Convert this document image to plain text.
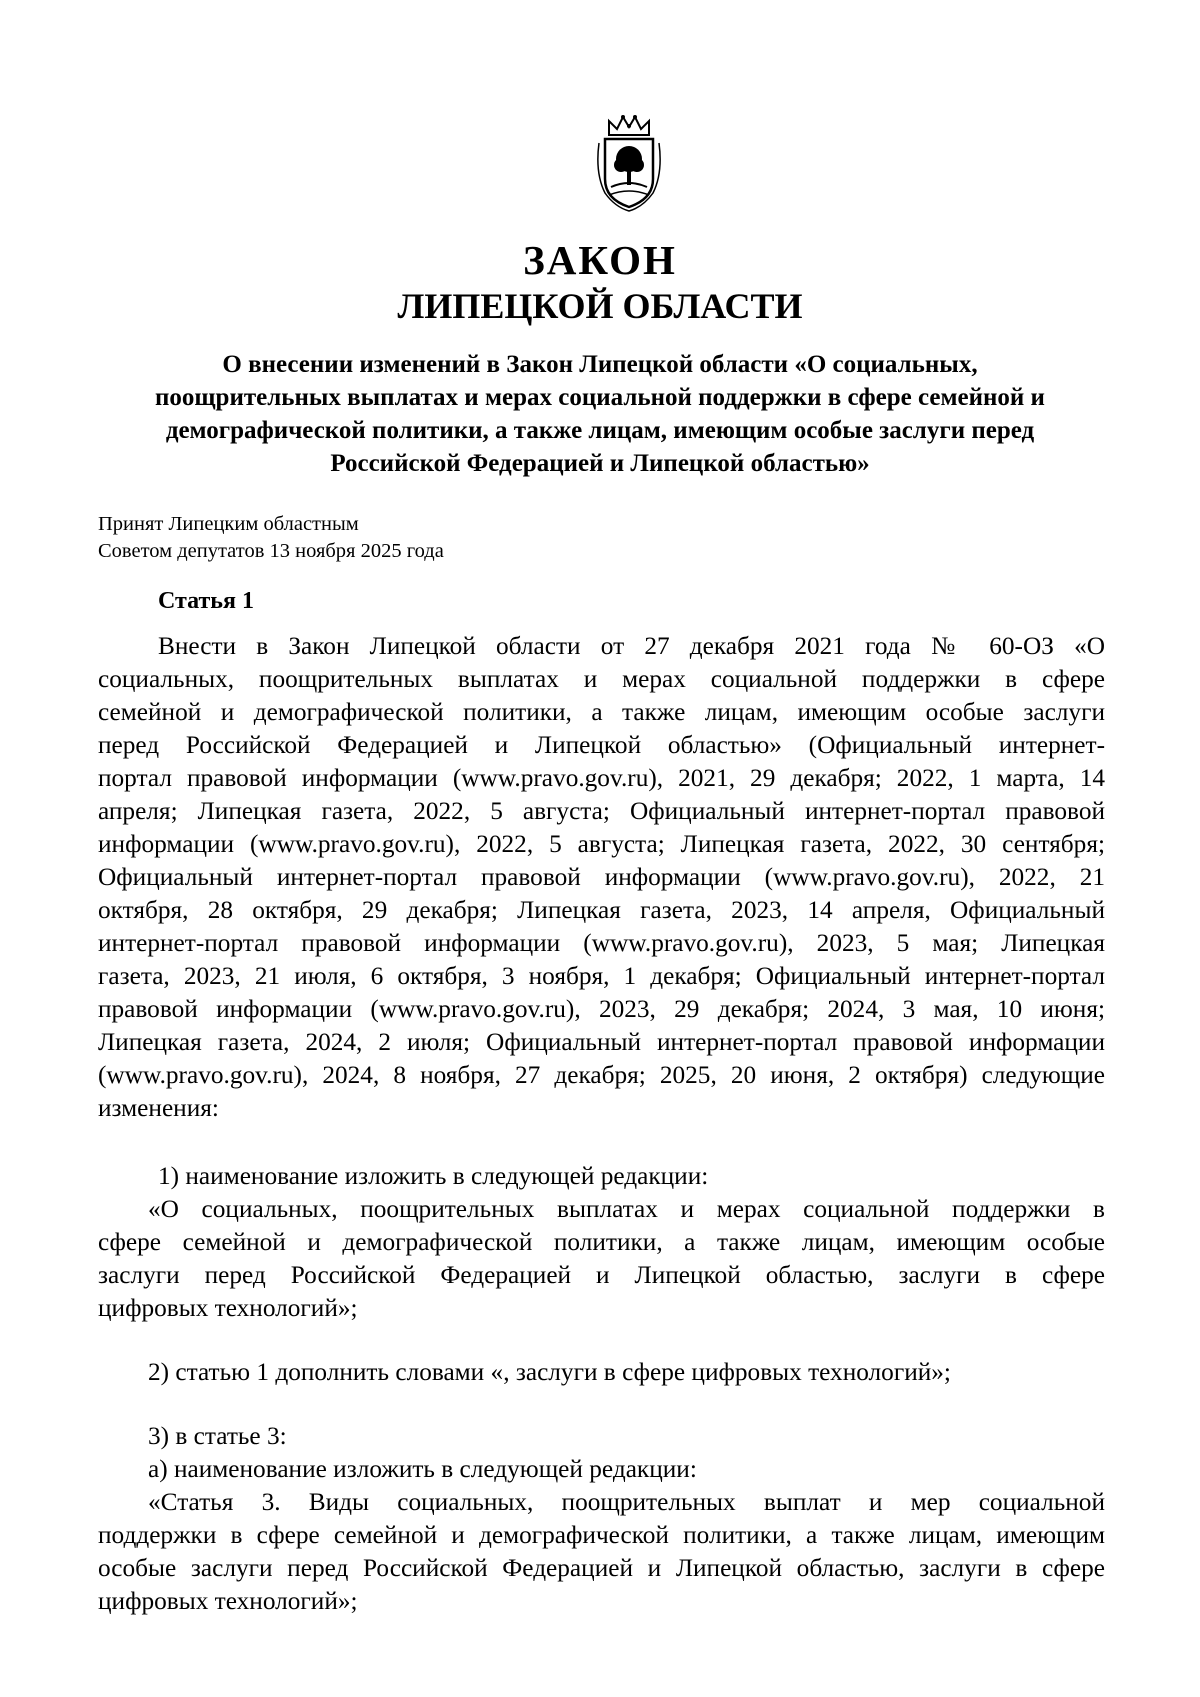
ЗАКОН
ЛИПЕЦКОЙ ОБЛАСТИ
О внесении изменений в Закон Липецкой области «О социальных,
поощрительных выплатах и мерах социальной поддержки в сфере семейной и
демографической политики, а также лицам, имеющим особые заслуги перед
Российской Федерацией и Липецкой областью»
Принят Липецким областным
Советом депутатов 13 ноября 2025 года
Статья 1
Внести в Закон Липецкой области от 27 декабря 2021 года № 60-ОЗ «О
социальных, поощрительных выплатах и мерах социальной поддержки в сфере
семейной и демографической политики, а также лицам, имеющим особые заслуги
перед Российской Федерацией и Липецкой областью» (Официальный интернет-
портал правовой информации (www.pravo.gov.ru), 2021, 29 декабря; 2022, 1 марта, 14
апреля; Липецкая газета, 2022, 5 августа; Официальный интернет-портал правовой
информации (www.pravo.gov.ru), 2022, 5 августа; Липецкая газета, 2022, 30 сентября;
Официальный интернет-портал правовой информации (www.pravo.gov.ru), 2022, 21
октября, 28 октября, 29 декабря; Липецкая газета, 2023, 14 апреля, Официальный
интернет-портал правовой информации (www.pravo.gov.ru), 2023, 5 мая; Липецкая
газета, 2023, 21 июля, 6 октября, 3 ноября, 1 декабря; Официальный интернет-портал
правовой информации (www.pravo.gov.ru), 2023, 29 декабря; 2024, 3 мая, 10 июня;
Липецкая газета, 2024, 2 июля; Официальный интернет-портал правовой информации
(www.pravo.gov.ru), 2024, 8 ноября, 27 декабря; 2025, 20 июня, 2 октября) следующие
изменения:
1) наименование изложить в следующей редакции:
«О социальных, поощрительных выплатах и мерах социальной поддержки в
сфере семейной и демографической политики, а также лицам, имеющим особые
заслуги перед Российской Федерацией и Липецкой областью, заслуги в сфере
цифровых технологий»;
2) статью 1 дополнить словами «, заслуги в сфере цифровых технологий»;
3) в статье 3:
а) наименование изложить в следующей редакции:
«Статья 3. Виды социальных, поощрительных выплат и мер социальной
поддержки в сфере семейной и демографической политики, а также лицам, имеющим
особые заслуги перед Российской Федерацией и Липецкой областью, заслуги в сфере
цифровых технологий»;
